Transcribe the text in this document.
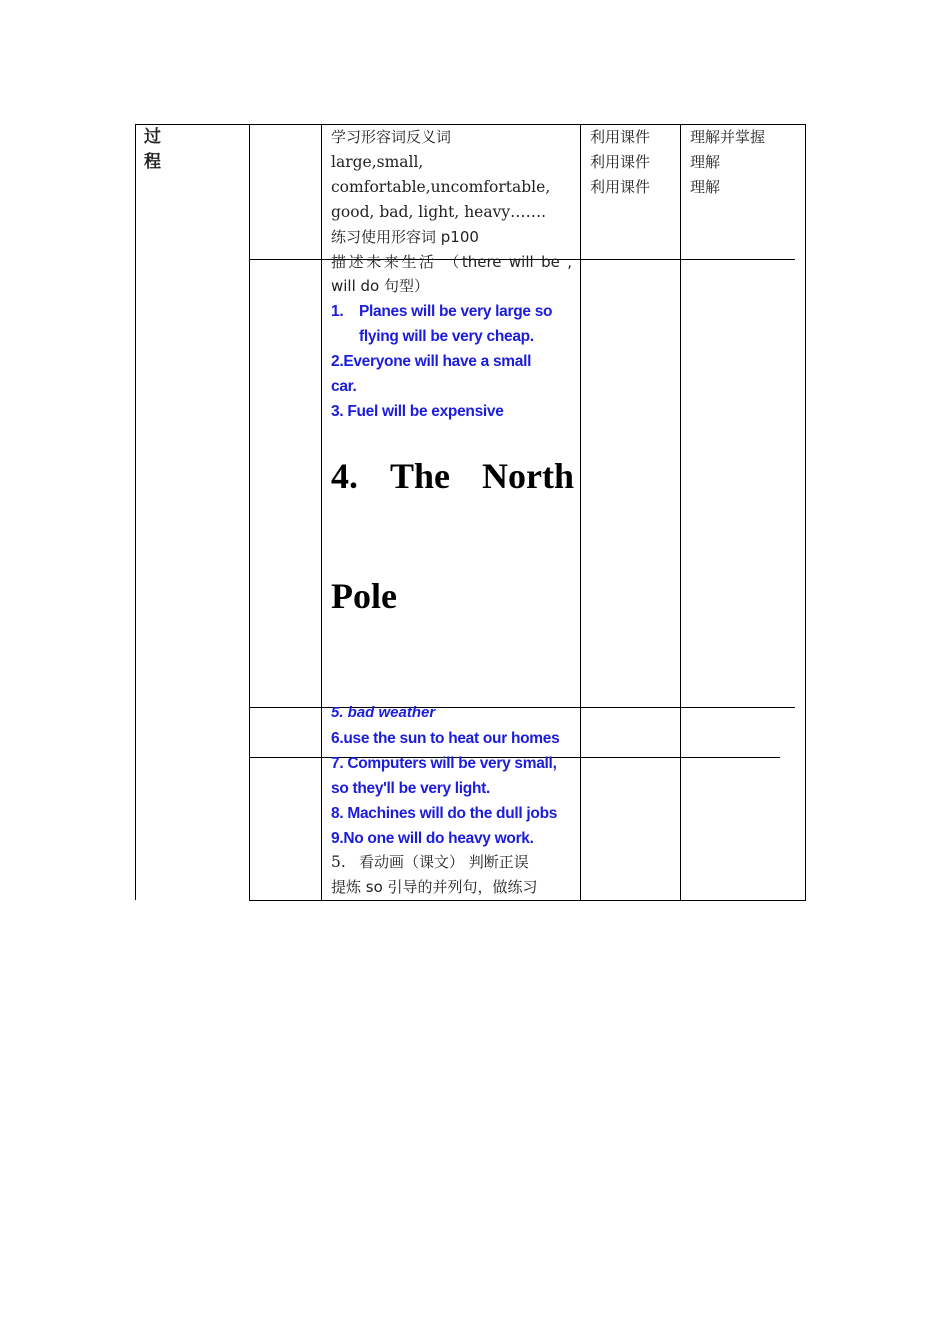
过
程
学习形容词反义词
large,small,
comfortable,uncomfortable,
good, bad, light, heavy…….
练习使用形容词 p100
利用课件
利用课件
利用课件
理解并掌握
理解
理解
描述未来生活 （there will be ,
will do 句型）
1. Planes will be very large so
flying will be very cheap.
2.Everyone will have a small
car.
3. Fuel will be expensive
4. The North
Pole
5. bad weather
6.use the sun to heat our homes
7. Computers will be very small,
so they'll be very light.
8. Machines will do the dull jobs
9.No one will do heavy work.
5. 看动画（课文） 判断正误
提炼 so 引导的并列句，做练习
